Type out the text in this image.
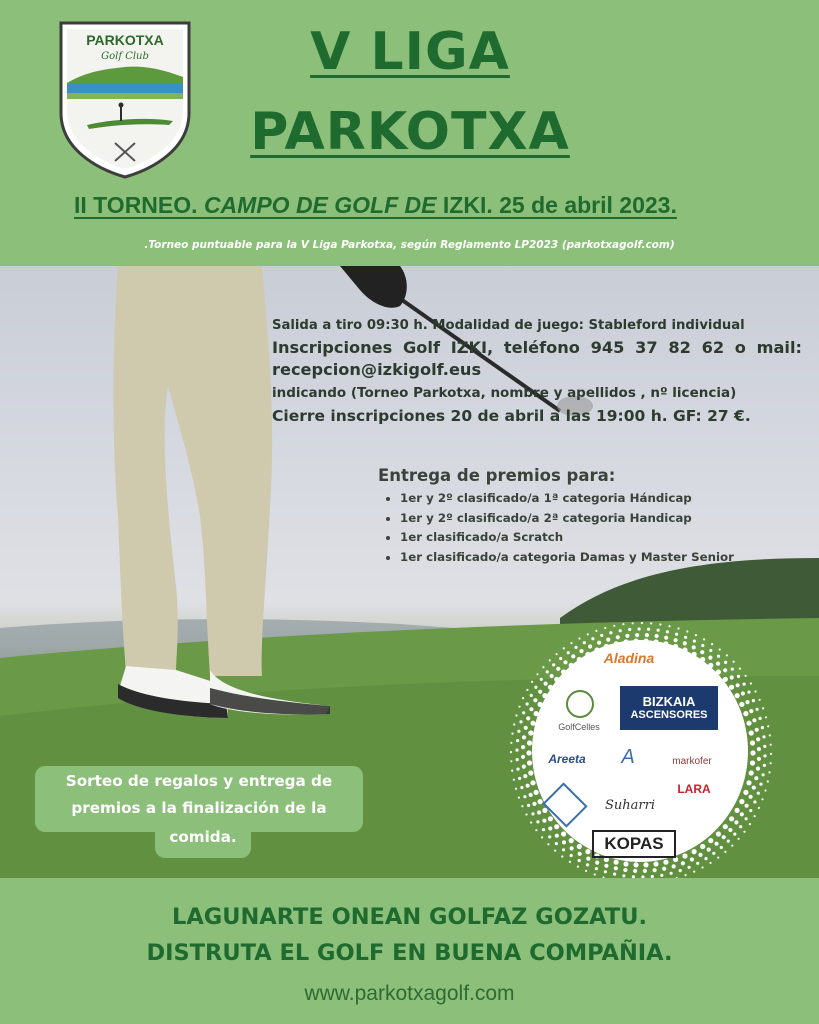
PARKOTXA
Golf Club	V LIGA
PARKOTXA
II TORNEO. CAMPO DE GOLF DE IZKI. 25 de abril 2023.
.Torneo puntuable para la V Liga Parkotxa, según Reglamento LP2023 (parkotxagolf.com)
Salida a tiro 09:30 h. Modalidad de juego: Stableford individual
Inscripciones Golf IZKI, teléfono 945 37 82 62 o mail: recepcion@izkigolf.eus
indicando (Torneo Parkotxa, nombre y apellidos , nº licencia)
Cierre inscripciones 20 de abril a las 19:00 h. GF: 27 €.
Entrega de premios para:
• 1er y 2º clasificado/a 1ª categoria Hándicap
• 1er y 2º clasificado/a 2ª categoria Handicap
• 1er clasificado/a Scratch
• 1er clasificado/a categoria Damas y Master Senior
Sorteo de regalos y entrega de
premios a la finalización de la
comida.
Aladina
GolfCelles
BIZKAIA
ASCENSORES
Areeta	A	markofer
Suharri
LARA
KOPAS
LAGUNARTE ONEAN GOLFAZ GOZATU.
DISTRUTA EL GOLF EN BUENA COMPAÑIA.
www.parkotxagolf.com
